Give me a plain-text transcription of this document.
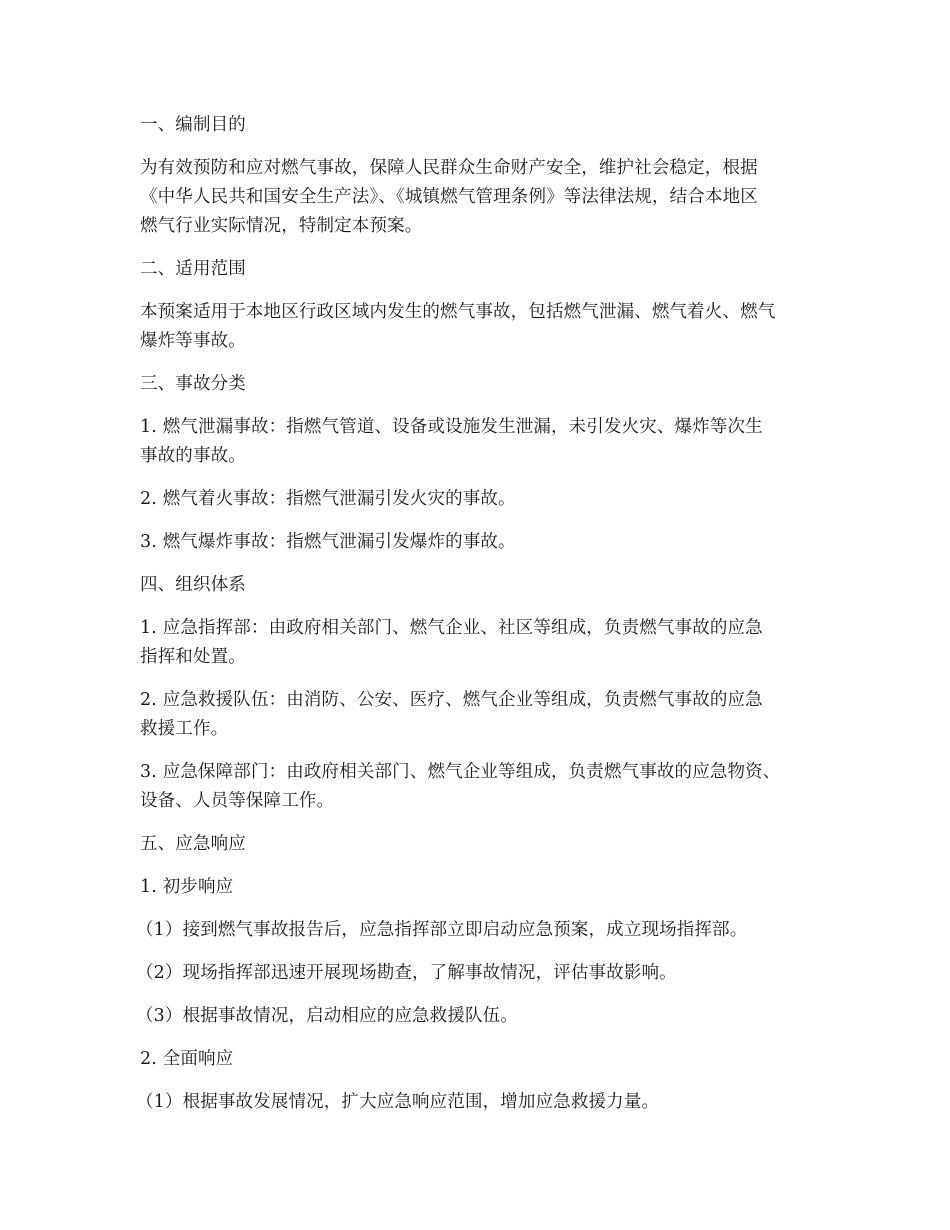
一、编制目的

为有效预防和应对燃气事故，保障人民群众生命财产安全，维护社会稳定，根据
《中华人民共和国安全生产法》、《城镇燃气管理条例》等法律法规，结合本地区
燃气行业实际情况，特制定本预案。

二、适用范围

本预案适用于本地区行政区域内发生的燃气事故，包括燃气泄漏、燃气着火、燃气
爆炸等事故。

三、事故分类

1. 燃气泄漏事故：指燃气管道、设备或设施发生泄漏，未引发火灾、爆炸等次生
事故的事故。

2. 燃气着火事故：指燃气泄漏引发火灾的事故。

3. 燃气爆炸事故：指燃气泄漏引发爆炸的事故。

四、组织体系

1. 应急指挥部：由政府相关部门、燃气企业、社区等组成，负责燃气事故的应急
指挥和处置。

2. 应急救援队伍：由消防、公安、医疗、燃气企业等组成，负责燃气事故的应急
救援工作。

3. 应急保障部门：由政府相关部门、燃气企业等组成，负责燃气事故的应急物资、
设备、人员等保障工作。

五、应急响应

1. 初步响应

（1）接到燃气事故报告后，应急指挥部立即启动应急预案，成立现场指挥部。

（2）现场指挥部迅速开展现场勘查，了解事故情况，评估事故影响。

（3）根据事故情况，启动相应的应急救援队伍。

2. 全面响应

（1）根据事故发展情况，扩大应急响应范围，增加应急救援力量。
